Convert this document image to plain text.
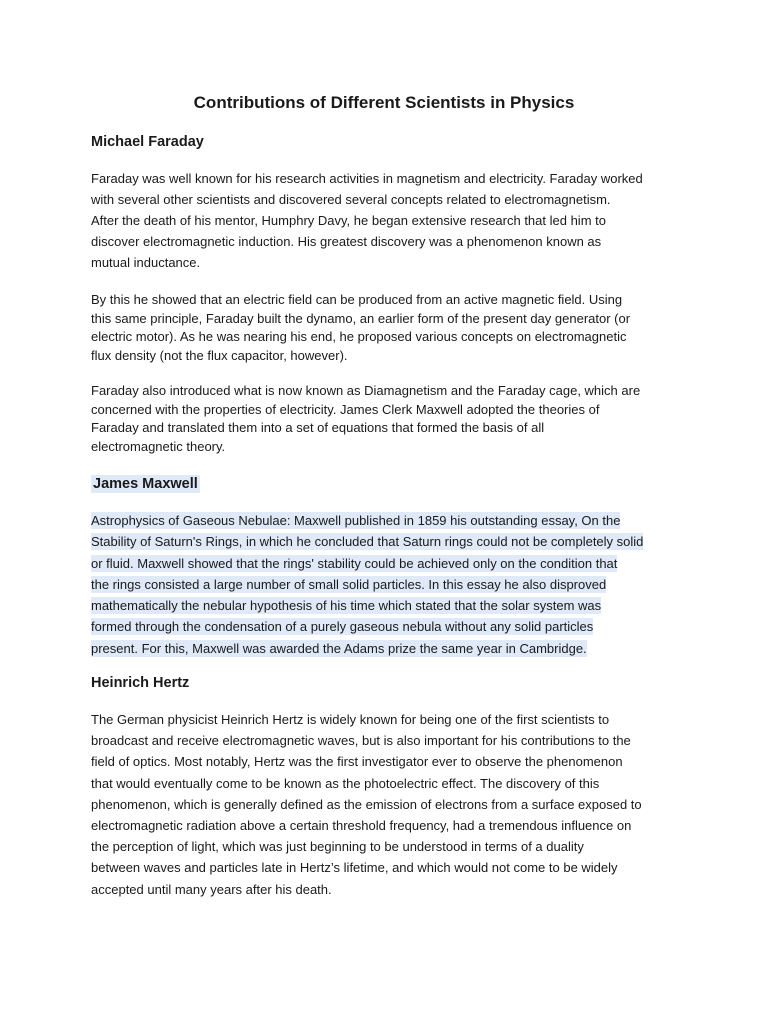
Contributions of Different Scientists in Physics
Michael Faraday
Faraday was well known for his research activities in magnetism and electricity. Faraday worked
with several other scientists and discovered several concepts related to electromagnetism.
After the death of his mentor, Humphry Davy, he began extensive research that led him to
discover electromagnetic induction. His greatest discovery was a phenomenon known as
mutual inductance.
By this he showed that an electric field can be produced from an active magnetic field. Using
this same principle, Faraday built the dynamo, an earlier form of the present day generator (or
electric motor). As he was nearing his end, he proposed various concepts on electromagnetic
flux density (not the flux capacitor, however).
Faraday also introduced what is now known as Diamagnetism and the Faraday cage, which are
concerned with the properties of electricity. James Clerk Maxwell adopted the theories of
Faraday and translated them into a set of equations that formed the basis of all
electromagnetic theory.
James Maxwell
Astrophysics of Gaseous Nebulae: Maxwell published in 1859 his outstanding essay, On the
Stability of Saturn's Rings, in which he concluded that Saturn rings could not be completely solid
or fluid. Maxwell showed that the rings' stability could be achieved only on the condition that
the rings consisted a large number of small solid particles. In this essay he also disproved
mathematically the nebular hypothesis of his time which stated that the solar system was
formed through the condensation of a purely gaseous nebula without any solid particles
present. For this, Maxwell was awarded the Adams prize the same year in Cambridge.
Heinrich Hertz
The German physicist Heinrich Hertz is widely known for being one of the first scientists to
broadcast and receive electromagnetic waves, but is also important for his contributions to the
field of optics. Most notably, Hertz was the first investigator ever to observe the phenomenon
that would eventually come to be known as the photoelectric effect. The discovery of this
phenomenon, which is generally defined as the emission of electrons from a surface exposed to
electromagnetic radiation above a certain threshold frequency, had a tremendous influence on
the perception of light, which was just beginning to be understood in terms of a duality
between waves and particles late in Hertz’s lifetime, and which would not come to be widely
accepted until many years after his death.
